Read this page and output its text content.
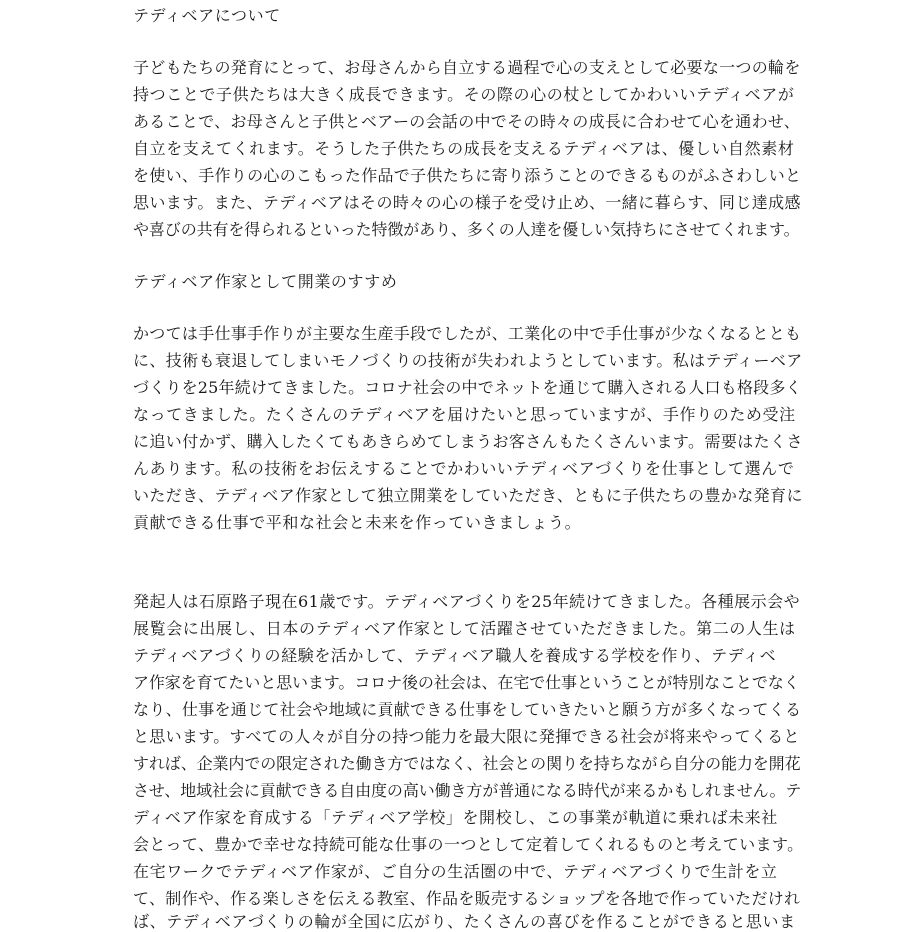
テディベアについて
子どもたちの発育にとって、お母さんから自立する過程で心の支えとして必要な一つの輪を
持つことで子供たちは大きく成長できます。その際の心の杖としてかわいいテディベアが
あることで、お母さんと子供とベアーの会話の中でその時々の成長に合わせて心を通わせ、
自立を支えてくれます。そうした子供たちの成長を支えるテディベアは、優しい自然素材
を使い、手作りの心のこもった作品で子供たちに寄り添うことのできるものがふさわしいと
思います。また、テディベアはその時々の心の様子を受け止め、一緒に暮らす、同じ達成感
や喜びの共有を得られるといった特徴があり、多くの人達を優しい気持ちにさせてくれます。
テディベア作家として開業のすすめ
かつては手仕事手作りが主要な生産手段でしたが、工業化の中で手仕事が少なくなるととも
に、技術も衰退してしまいモノづくりの技術が失われようとしています。私はテディーベア
づくりを25年続けてきました。コロナ社会の中でネットを通じて購入される人口も格段多く
なってきました。たくさんのテディベアを届けたいと思っていますが、手作りのため受注
に追い付かず、購入したくてもあきらめてしまうお客さんもたくさんいます。需要はたくさ
んあります。私の技術をお伝えすることでかわいいテディベアづくりを仕事として選んで
いただき、テディベア作家として独立開業をしていただき、ともに子供たちの豊かな発育に
貢献できる仕事で平和な社会と未来を作っていきましょう。
発起人は石原路子現在61歳です。テディベアづくりを25年続けてきました。各種展示会や
展覧会に出展し、日本のテディベア作家として活躍させていただきました。第二の人生は
テディベアづくりの経験を活かして、テディベア職人を養成する学校を作り、テディベ
ア作家を育てたいと思います。コロナ後の社会は、在宅で仕事ということが特別なことでなく
なり、仕事を通じて社会や地域に貢献できる仕事をしていきたいと願う方が多くなってくる
と思います。すべての人々が自分の持つ能力を最大限に発揮できる社会が将来やってくると
すれば、企業内での限定された働き方ではなく、社会との関りを持ちながら自分の能力を開花
させ、地域社会に貢献できる自由度の高い働き方が普通になる時代が来るかもしれません。テ
ディベア作家を育成する「テディベア学校」を開校し、この事業が軌道に乗れば未来社
会とって、豊かで幸せな持続可能な仕事の一つとして定着してくれるものと考えています。
在宅ワークでテディベア作家が、ご自分の生活圏の中で、テディベアづくりで生計を立
て、制作や、作る楽しさを伝える教室、作品を販売するショップを各地で作っていただけれ
ば、テディベアづくりの輪が全国に広がり、たくさんの喜びを作ることができると思いま
